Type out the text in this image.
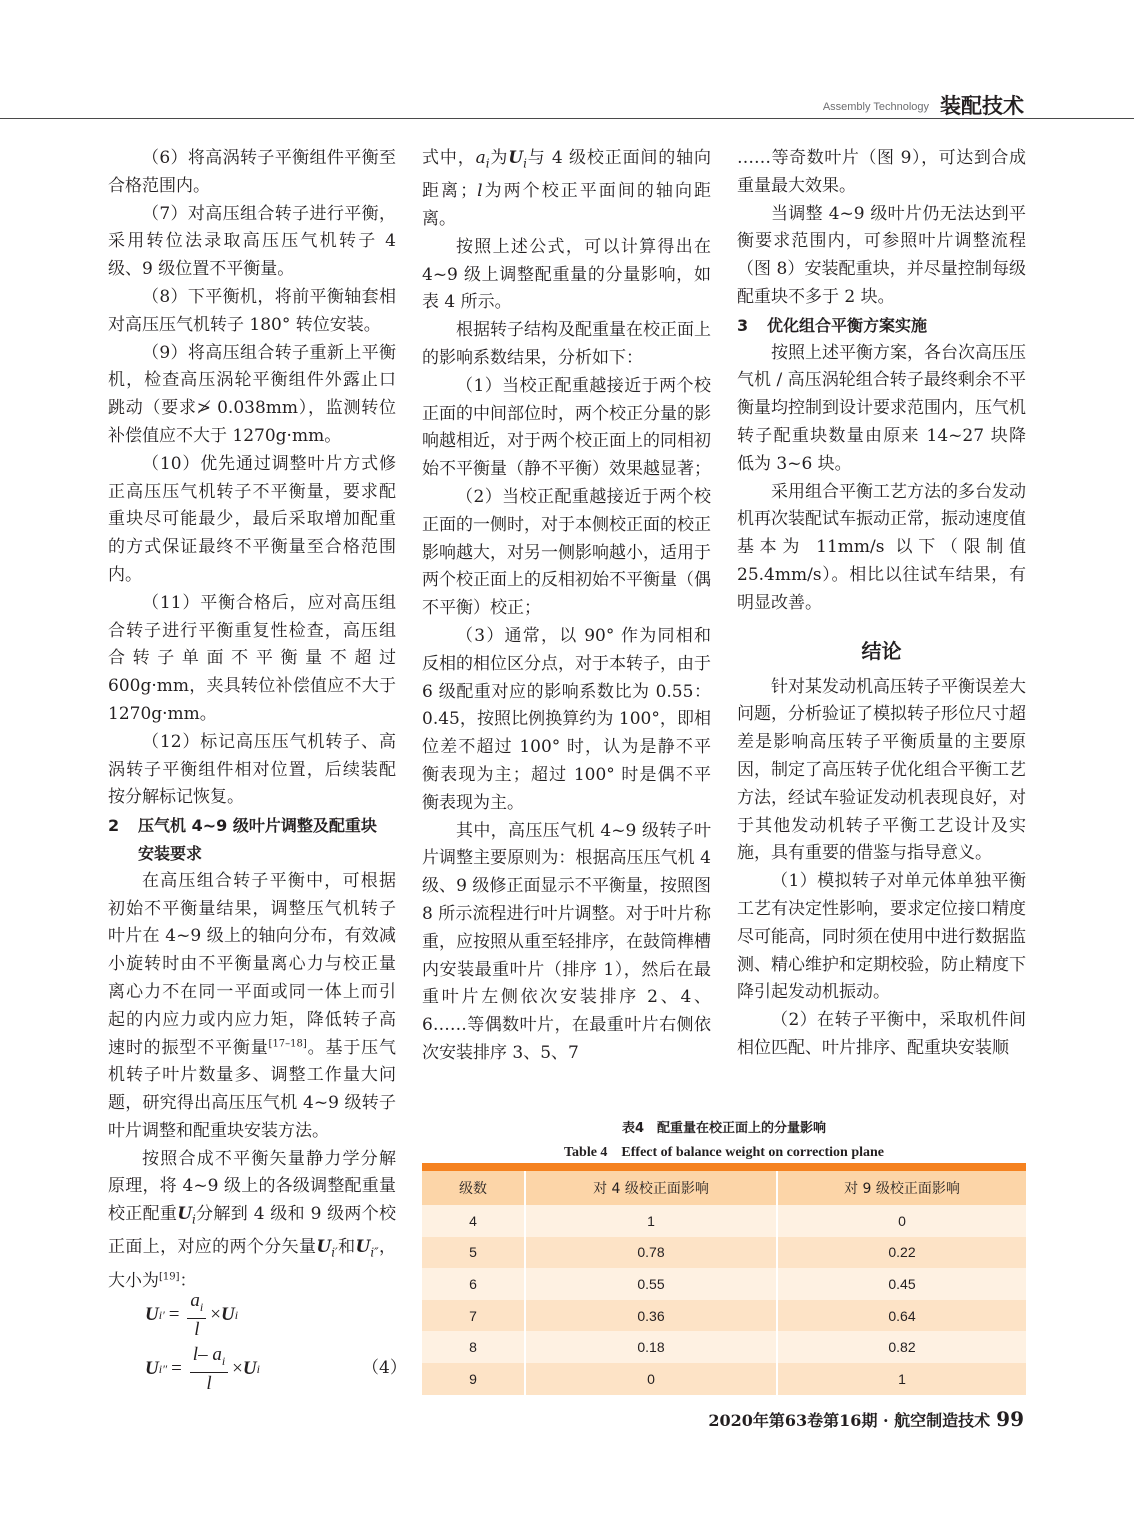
Assembly Technology 装配技术

（6）将高涡转子平衡组件平衡至合格范围内。

（7）对高压组合转子进行平衡，采用转位法录取高压压气机转子 4 级、9 级位置不平衡量。

（8）下平衡机，将前平衡轴套相对高压压气机转子 180° 转位安装。

（9）将高压组合转子重新上平衡机，检查高压涡轮平衡组件外露止口跳动（要求≯ 0.038mm），监测转位补偿值应不大于 1270g·mm。

（10）优先通过调整叶片方式修正高压压气机转子不平衡量，要求配重块尽可能最少，最后采取增加配重的方式保证最终不平衡量至合格范围内。

（11）平衡合格后，应对高压组合转子进行平衡重复性检查，高压组合转子单面不平衡量不超过 600g·mm，夹具转位补偿值应不大于 1270g·mm。

（12）标记高压压气机转子、高涡转子平衡组件相对位置，后续装配按分解标记恢复。

2 压气机 4~9 级叶片调整及配重块
安装要求

在高压组合转子平衡中，可根据初始不平衡量结果，调整压气机转子叶片在 4~9 级上的轴向分布，有效减小旋转时由不平衡量离心力与校正量离心力不在同一平面或同一体上而引起的内应力或内应力矩，降低转子高速时的振型不平衡量[17–18]。基于压气机转子叶片数量多、调整工作量大问题，研究得出高压压气机 4~9 级转子叶片调整和配重块安装方法。

按照合成不平衡矢量静力学分解原理，将 4~9 级上的各级调整配重量校正配重$U_i$分解到 4 级和 9 级两个校正面上，对应的两个分矢量$U_{i'}$和$U_{i''}$，大小为[19]：

U i ′ = $\frac{a_i}{l} \times U$ i
U i ″ = $\frac{l- a_i}{l} \times U$ i	（4）

式中，$a_i$为$U_i$与 4 级校正面间的轴向距离；l为两个校正平面间的轴向距离。

按照上述公式，可以计算得出在 4~9 级上调整配重量的分量影响，如表 4 所示。

根据转子结构及配重量在校正面上的影响系数结果，分析如下：

（1）当校正配重越接近于两个校正面的中间部位时，两个校正分量的影响越相近，对于两个校正面上的同相初始不平衡量（静不平衡）效果越显著；

（2）当校正配重越接近于两个校正面的一侧时，对于本侧校正面的校正影响越大，对另一侧影响越小，适用于两个校正面上的反相初始不平衡量（偶不平衡）校正；

（3）通常，以 90° 作为同相和反相的相位区分点，对于本转子，由于 6 级配重对应的影响系数比为 0.55：0.45，按照比例换算约为 100°，即相位差不超过 100° 时，认为是静不平衡表现为主；超过 100° 时是偶不平衡表现为主。

其中，高压压气机 4~9 级转子叶片调整主要原则为：根据高压压气机 4 级、9 级修正面显示不平衡量，按照图 8 所示流程进行叶片调整。对于叶片称重，应按照从重至轻排序，在鼓筒榫槽内安装最重叶片（排序 1），然后在最重叶片左侧依次安装排序 2、4、6……等偶数叶片，在最重叶片右侧依次安装排序 3、5、7

……等奇数叶片（图 9），可达到合成重量最大效果。

当调整 4~9 级叶片仍无法达到平衡要求范围内，可参照叶片调整流程（图 8）安装配重块，并尽量控制每级配重块不多于 2 块。

3 优化组合平衡方案实施

按照上述平衡方案，各台次高压压气机 / 高压涡轮组合转子最终剩余不平衡量均控制到设计要求范围内，压气机转子配重块数量由原来 14~27 块降低为 3~6 块。

采用组合平衡工艺方法的多台发动机再次装配试车振动正常，振动速度值基本为 11mm/s 以下（限制值 25.4mm/s）。相比以往试车结果，有明显改善。

结论

针对某发动机高压转子平衡误差大问题，分析验证了模拟转子形位尺寸超差是影响高压转子平衡质量的主要原因，制定了高压转子优化组合平衡工艺方法，经试车验证发动机表现良好，对于其他发动机转子平衡工艺设计及实施，具有重要的借鉴与指导意义。

（1）模拟转子对单元体单独平衡工艺有决定性影响，要求定位接口精度尽可能高，同时须在使用中进行数据监测、精心维护和定期校验，防止精度下降引起发动机振动。

（2）在转子平衡中，采取机件间相位匹配、叶片排序、配重块安装顺

表4　配重量在校正面上的分量影响
Table 4　Effect of balance weight on correction plane

级数	对 4 级校正面影响	对 9 级校正面影响
4	1	0
5	0.78	0.22
6	0.55	0.45
7	0.36	0.64
8	0.18	0.82
9	0	1
2020年第63卷第16期 · 航空制造技术 99
